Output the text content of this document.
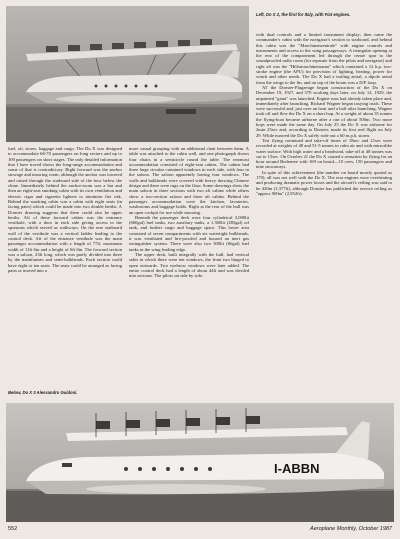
Left, Do X 2, the first for Italy, with Fiat engines.

fuel, oil, stores, baggage and cargo. The Do X was designed to accommodate 66-70 passengers on long sectors and up to 100 passengers on short stages. The only detailed information that I have traced shows the long-range accommodation and some of that is contradictory. Right forward was the anchor stowage and mooring room, although the anchor was lowered and raised through the starboard side of the bow below the chine. Immediately behind the anchor-room was a bar and then an eight-seat smoking cabin with its own ventilation and electric cigar and cigarette lighters to minimise fire risk. Behind the smoking cabin was a cabin with eight seats (in facing pairs) which could be made into two double berths. A Dornier drawing suggests that there could also be upper berths. Aft of these forward cabins was the entrance vestibule, with a door in each side giving access to the sponsons which served as walkways. On the rear starboard wall of the vestibule was a vertical ladder leading to the control deck. Aft of the entrance vestibule was the main passenger accommodation with a length of 77ft, maximum width of 11ft 6in and a height of 6ft 6in. The forward section was a saloon, 23ft long, which was partly divided into three by the mainframes and semi-bulkheads. Each section could have eight or ten seats. The seats could be arranged as facing pairs or moved into a

more casual grouping with an additional chair between them. A table was attached to the cabin wall, and one photograph shows four chairs in a semicircle round the table. The rearmost accommodation consisted of eight-seat cabins. The cabins had three large circular curtained windows in each side, with four in the saloon. The saloon apparently having four windows. The walls and bulkheads were covered with heavy drawing Chinese design and there were rugs on the floor. Some drawings show the main saloon in three sections with two aft cabins while others show a two-section saloon and three aft cabins. Behind the passenger accommodation were the kitchen, lavatories, washrooms and baggage holds. Right at the rear of the hull was an open cockpit for use while mooring.

Beneath the passenger deck were four cylindrical 3,000lit (660gal) fuel tanks, two auxiliary tanks, a 1,300lit (285gal) oil tank, and further cargo and baggage space. This lower area consisted of seven compartments with six watertight bulkheads, it was ventilated and fire-proofed and housed an inert gas extinguisher system. There were also two 300lit (66gal) fuel tanks in the wing leading edge.

The upper deck, built integrally with the hull, had vertical sides in which there were ten windows, the front two hinged to open outwards. Two eyebrow windows were later added. The entire control deck had a length of about 44ft and was divided into sections. The pilots sat side by side,

with dual controls and a limited instrument display; then came the commander's cabin with the navigator's section to starboard, and behind this cabin was the "Maschinenzentrale" with engine controls and instruments and access to the wing passageways. A triangular opening at the rear of the compartment led through the centre spar to the soundproofed radio room (for separate from the pilots and navigator) and right aft was the "Hilfsmaschinenraum" which contained a 12 h.p. two-stroke engine (the APU) for provision of lighting, heating, power for winch and other needs. The Do X had a trailing aerial, a dipole aerial from the wings to the fin, and on top of the boom was a D/F loop.

AT the Dornier-Flugzeuge began construction of the Do X on December 19, 1927, and 570 working days later, on July 12, 1929, the unpainted "giant" was launched. Engine runs had already taken place and, immediately after launching, Richard Wagner began taxying trials. These were successful and, just over an hour and a half after launching, Wagner took off and flew the Do X on a short hop. At a weight of about 35 tonnes the flying-boat became airborne after a run of about 500m. Two more hops were made the same day. On July 25 the Do X was airborne for 2min 25sec and, according to Dornier, made its first real flight on July 29. While moored the Do X safely rode out a 60 m.p.h. storm.

Test flying continued and take-off times of 18sec and 21sec were recorded at weights of 48 and 51-5 tonnes in calm air and with mirrorlike water surface. With high water and a headwind, take-off at 48 tonnes was cut to 15sec. On October 21 the Do X caused a sensation by flying for an hour around Bodensee with 169 on board—10 crew, 150 passengers and nine stowaways.

In spite of this achievement (the number on board mostly quoted as 170), all was not well with the Do X. The rear engines were overheating and producing dramatic power losses and the aircraft's ceiling was said to be 420m (1,377ft), although Dornier has published the service ceiling as "approx 900m" (2,952ft).

Below, Do X 3 Alessandro Guidoni.
I-ABBN
552	Aeroplane Monthly, October 1987
